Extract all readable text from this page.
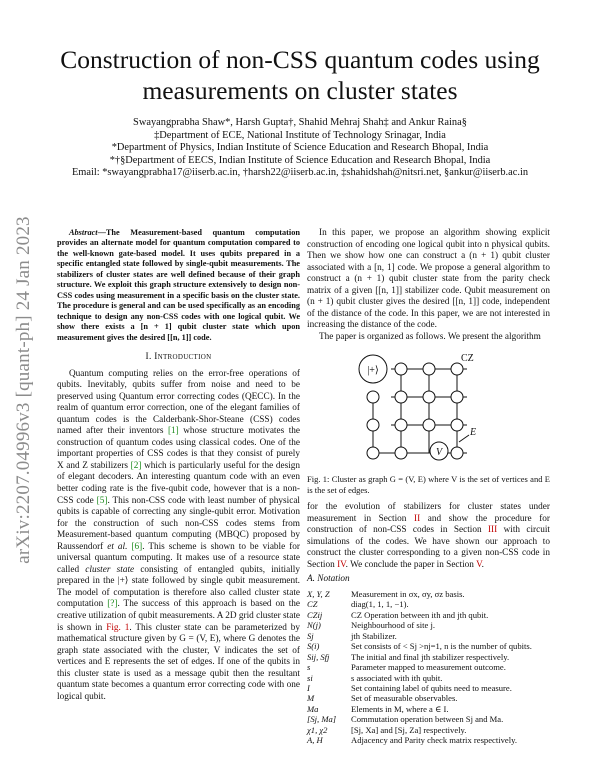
arXiv:2207.04996v3 [quant-ph] 24 Jan 2023
Construction of non-CSS quantum codes using
measurements on cluster states
Swayangprabha Shaw*, Harsh Gupta†, Shahid Mehraj Shah‡ and Ankur Raina§
‡Department of ECE, National Institute of Technology Srinagar, India
*Department of Physics, Indian Institute of Science Education and Research Bhopal, India
*†§Department of EECS, Indian Institute of Science Education and Research Bhopal, India
Email: *swayangprabha17@iiserb.ac.in, †harsh22@iiserb.ac.in, ‡shahidshah@nitsri.net, §ankur@iiserb.ac.in

Abstract—The Measurement-based quantum computation provides an alternate model for quantum computation compared to the well-known gate-based model. It uses qubits prepared in a specific entangled state followed by single-qubit measurements. The stabilizers of cluster states are well defined because of their graph structure. We exploit this graph structure extensively to design non-CSS codes using measurement in a specific basis on the cluster state. The procedure is general and can be used specifically as an encoding technique to design any non-CSS codes with one logical qubit. We show there exists a [n + 1] qubit cluster state which upon measurement gives the desired [[n, 1]] code.

I. Introduction

Quantum computing relies on the error-free operations of qubits. Inevitably, qubits suffer from noise and need to be preserved using Quantum error correcting codes (QECC). In the realm of quantum error correction, one of the elegant families of quantum codes is the Calderbank-Shor-Steane (CSS) codes named after their inventors [1] whose structure motivates the construction of quantum codes using classical codes. One of the important properties of CSS codes is that they consist of purely X and Z stabilizers [2] which is particularly useful for the design of elegant decoders. An interesting quantum code with an even better coding rate is the five-qubit code, however that is a non-CSS code [5]. This non-CSS code with least number of physical qubits is capable of correcting any single-qubit error. Motivation for the construction of such non-CSS codes stems from Measurement-based quantum computing (MBQC) proposed by Raussendorf et al. [6]. This scheme is shown to be viable for universal quantum computing. It makes use of a resource state called cluster state consisting of entangled qubits, initially prepared in the |+⟩ state followed by single qubit measurement. The model of computation is therefore also called cluster state computation [?]. The success of this approach is based on the creative utilization of qubit measurements. A 2D grid cluster state is shown in Fig. 1. This cluster state can be parameterized by mathematical structure given by G = (V, E), where G denotes the graph state associated with the cluster, V indicates the set of vertices and E represents the set of edges. If one of the qubits in this cluster state is used as a message qubit then the resultant quantum state becomes a quantum error correcting code with one logical qubit.

In this paper, we propose an algorithm showing explicit construction of encoding one logical qubit into n physical qubits. Then we show how one can construct a (n + 1) qubit cluster associated with a [n, 1] code. We propose a general algorithm to construct a (n + 1) qubit cluster state from the parity check matrix of a given [[n, 1]] stabilizer code. Qubit measurement on (n + 1) qubit cluster gives the desired [[n, 1]] code, independent of the distance of the code. In this paper, we are not interested in increasing the distance of the code.

The paper is organized as follows. We present the algorithm

|+⟩
CZ
V
E
Fig. 1: Cluster as graph G = (V, E) where V is the set of vertices and E is the set of edges.

for the evolution of stabilizers for cluster states under measurement in Section II and show the procedure for construction of non-CSS codes in Section III with circuit simulations of the codes. We have shown our approach to construct the cluster corresponding to a given non-CSS code in Section IV. We conclude the paper in Section V.

A. Notation
X, Y, Z	Measurement in σx, σy, σz basis.
CZ	diag(1, 1, 1, −1).
CZij	CZ Operation between ith and jth qubit.
N(j)	Neighbourhood of site j.
Sj	jth Stabilizer.
S(i)	Set consists of < Sj >nj=1, n is the number of qubits.
Sij, Sfj	The initial and final jth stabilizer respectively.
s	Parameter mapped to measurement outcome.
si	s associated with ith qubit.
I	Set containing label of qubits need to measure.
M	Set of measurable observables.
Ma	Elements in M, where a ∈ I.
[Sj, Ma]	Commutation operation between Sj and Ma.
χ1, χ2	[Sj, Xa] and [Sj, Za] respectively.
A, H	Adjacency and Parity check matrix respectively.
